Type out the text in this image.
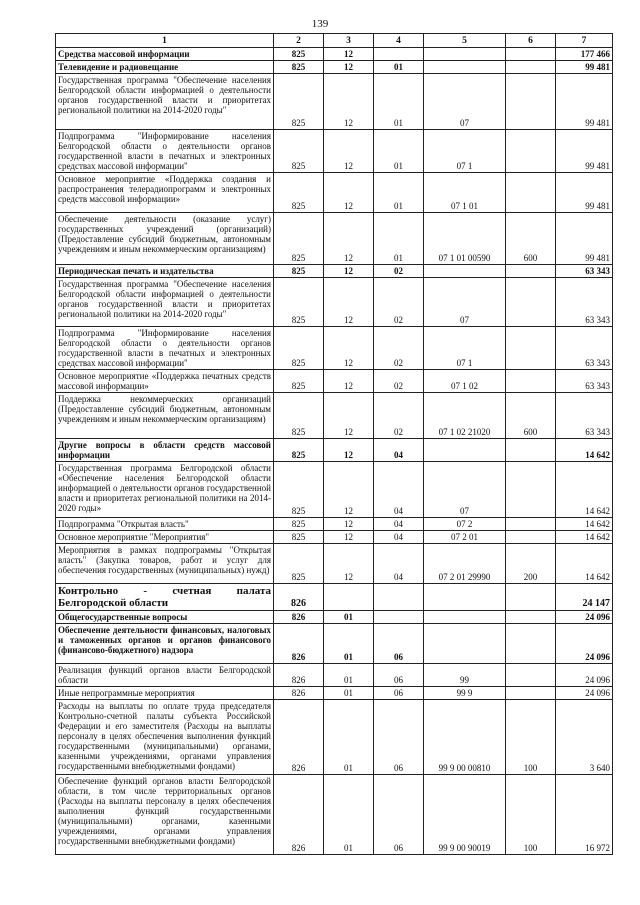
139
1	2	3	4	5	6	7
Средства массовой информации	825	12				177 466
Телевидение и радиовещание	825	12	01			99 481
Государственная программа "Обеспечение населения Белгородской области информацией о деятельности органов государственной власти и приоритетах региональной политики на 2014-2020 годы"	825	12	01	07		99 481
Подпрограмма "Информирование населения Белгородской области о деятельности органов государственной власти в печатных и электронных средствах массовой информации"	825	12	01	07 1		99 481
Основное мероприятие «Поддержка создания и распространения телерадиопрограмм и электронных средств массовой информации»	825	12	01	07 1 01		99 481
Обеспечение деятельности (оказание услуг) государственных учреждений (организаций) (Предоставление субсидий бюджетным, автономным учреждениям и иным некоммерческим организациям)	825	12	01	07 1 01 00590	600	99 481
Периодическая печать и издательства	825	12	02			63 343
Государственная программа "Обеспечение населения Белгородской области информацией о деятельности органов государственной власти и приоритетах региональной политики на 2014-2020 годы"	825	12	02	07		63 343
Подпрограмма "Информирование населения Белгородской области о деятельности органов государственной власти в печатных и электронных средствах массовой информации"	825	12	02	07 1		63 343
Основное мероприятие «Поддержка печатных средств массовой информации»	825	12	02	07 1 02		63 343
Поддержка некоммерческих организаций (Предоставление субсидий бюджетным, автономным учреждениям и иным некоммерческим организациям)	825	12	02	07 1 02 21020	600	63 343
Другие вопросы в области средств массовой информации	825	12	04			14 642
Государственная программа Белгородской области «Обеспечение населения Белгородской области информацией о деятельности органов государственной власти и приоритетах региональной политики на 2014-2020 годы»	825	12	04	07		14 642
Подпрограмма "Открытая власть"	825	12	04	07 2		14 642
Основное мероприятие "Мероприятия"	825	12	04	07 2 01		14 642
Мероприятия в рамках подпрограммы "Открытая власть" (Закупка товаров, работ и услуг для обеспечения государственных (муниципальных) нужд)	825	12	04	07 2 01 29990	200	14 642
Контрольно - счетная палата Белгородской области	826					24 147
Общегосударственные вопросы	826	01				24 096
Обеспечение деятельности финансовых, налоговых и таможенных органов и органов финансового (финансово-бюджетного) надзора	826	01	06			24 096
Реализация функций органов власти Белгородской области	826	01	06	99		24 096
Иные непрограммные мероприятия	826	01	06	99 9		24 096
Расходы на выплаты по оплате труда председателя Контрольно-счетной палаты субъекта Российской Федерации и его заместителя (Расходы на выплаты персоналу в целях обеспечения выполнения функций государственными (муниципальными) органами, казенными учреждениями, органами управления государственными внебюджетными фондами)	826	01	06	99 9 00 00810	100	3 640
Обеспечение функций органов власти Белгородской области, в том числе территориальных органов (Расходы на выплаты персоналу в целях обеспечения выполнения функций государственными (муниципальными) органами, казенными учреждениями, органами управления государственными внебюджетными фондами)	826	01	06	99 9 00 90019	100	16 972
